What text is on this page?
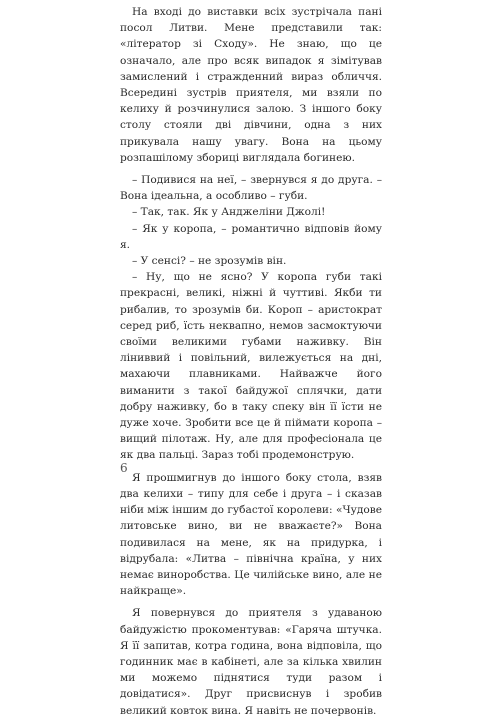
На вході до виставки всіх зустрічала пані посол Литви. Мене представили так: «літератор зі Сходу». Не знаю, що це означало, але про всяк випадок я зімітував замислений і стражденний вираз обличчя. Всередині зустрів приятеля, ми взяли по келиху й розчинулися залою. З іншого боку столу стояли дві дівчини, одна з них прикувала нашу увагу. Вона на цьому розпашілому збориці виглядала богинею.

– Подивися на неї, – звернувся я до друга. – Вона ідеальна, а особливо – губи.

– Так, так. Як у Анджеліни Джолі!

– Як у коропа, – романтично відповів йому я.

– У сенсі? – не зрозумів він.

– Ну, що не ясно? У коропа губи такі прекрасні, великі, ніжні й чуттиві. Якби ти рибалив, то зрозумів би. Короп – аристократ серед риб, їсть неквапно, немов засмоктуючи своїми великими губами наживку. Він ліниввий і повільний, вилежується на дні, махаючи плавниками. Найважче його виманити з такої байдужої сплячки, дати добру наживку, бо в таку спеку він її їсти не дуже хоче. Зробити все це й піймати коропа – вищий пілотаж. Ну, але для професіонала це як два пальці. Зараз тобі продемонструю.

Я прошмигнув до іншого боку стола, взяв два келихи – типу для себе і друга – і сказав ніби між іншим до губастої королеви: «Чудове литовське вино, ви не вважаєте?» Вона подивилася на мене, як на придурка, і відрубала: «Литва – північна країна, у них немає виноробства. Це чилійське вино, але не найкраще».

Я повернувся до приятеля з удаваною байдужістю прокоментував: «Гаряча штучка. Я її запитав, котра година, вона відповіла, що годинник має в кабінеті, але за кілька хвилин ми можемо піднятися туди разом і довідатися». Друг присвиснув і зробив великий ковток вина. Я навіть не почервонів.

6
